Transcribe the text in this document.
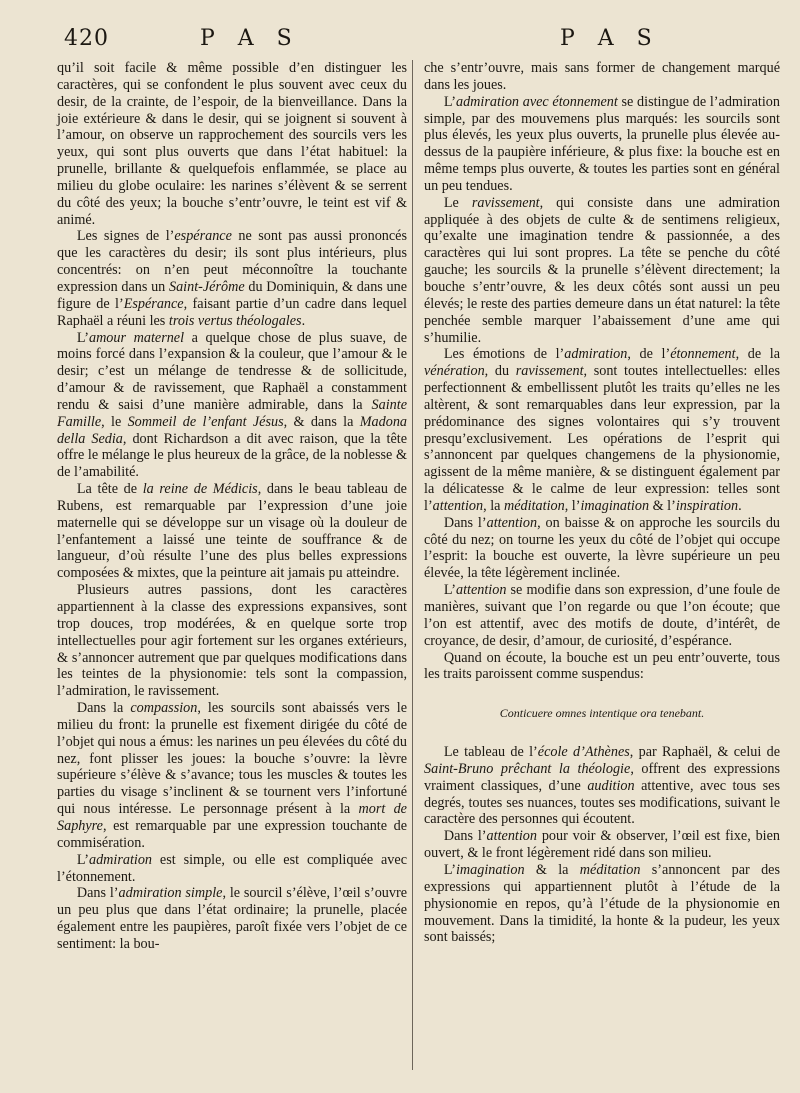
420	P A S	P A S

qu’il soit facile & même possible d’en distinguer les caractères, qui se confondent le plus souvent avec ceux du desir, de la crainte, de l’espoir, de la bienveillance. Dans la joie extérieure & dans le desir, qui se joignent si souvent à l’amour, on observe un rapprochement des sourcils vers les yeux, qui sont plus ouverts que dans l’état habituel: la prunelle, brillante & quelquefois enflammée, se place au milieu du globe oculaire: les narines s’élèvent & se serrent du côté des yeux; la bouche s’entr’ouvre, le teint est vif & animé.

Les signes de l’espérance ne sont pas aussi prononcés que les caractères du desir; ils sont plus intérieurs, plus concentrés: on n’en peut méconnoître la touchante expression dans un Saint-Jérôme du Dominiquin, & dans une figure de l’Espérance, faisant partie d’un cadre dans lequel Raphaël a réuni les trois vertus théologales.

L’amour maternel a quelque chose de plus suave, de moins forcé dans l’expansion & la couleur, que l’amour & le desir; c’est un mélange de tendresse & de sollicitude, d’amour & de ravissement, que Raphaël a constamment rendu & saisi d’une manière admirable, dans la Sainte Famille, le Sommeil de l’enfant Jésus, & dans la Madona della Sedia, dont Richardson a dit avec raison, que la tête offre le mélange le plus heureux de la grâce, de la noblesse & de l’amabilité.

La tête de la reine de Médicis, dans le beau tableau de Rubens, est remarquable par l’expression d’une joie maternelle qui se développe sur un visage où la douleur de l’enfantement a laissé une teinte de souffrance & de langueur, d’où résulte l’une des plus belles expressions composées & mixtes, que la peinture ait jamais pu atteindre.

Plusieurs autres passions, dont les caractères appartiennent à la classe des expressions expansives, sont trop douces, trop modérées, & en quelque sorte trop intellectuelles pour agir fortement sur les organes extérieurs, & s’annoncer autrement que par quelques modifications dans les teintes de la physionomie: tels sont la compassion, l’admiration, le ravissement.

Dans la compassion, les sourcils sont abaissés vers le milieu du front: la prunelle est fixement dirigée du côté de l’objet qui nous a émus: les narines un peu élevées du côté du nez, font plisser les joues: la bouche s’ouvre: la lèvre supérieure s’élève & s’avance; tous les muscles & toutes les parties du visage s’inclinent & se tournent vers l’infortuné qui nous intéresse. Le personnage présent à la mort de Saphyre, est remarquable par une expression touchante de commisération.

L’admiration est simple, ou elle est compliquée avec l’étonnement.

Dans l’admiration simple, le sourcil s’élève, l’œil s’ouvre un peu plus que dans l’état ordinaire; la prunelle, placée également entre les paupières, paroît fixée vers l’objet de ce sentiment: la bou-

che s’entr’ouvre, mais sans former de changement marqué dans les joues.

L’admiration avec étonnement se distingue de l’admiration simple, par des mouvemens plus marqués: les sourcils sont plus élevés, les yeux plus ouverts, la prunelle plus élevée au-dessus de la paupière inférieure, & plus fixe: la bouche est en même temps plus ouverte, & toutes les parties sont en général un peu tendues.

Le ravissement, qui consiste dans une admiration appliquée à des objets de culte & de sentimens religieux, qu’exalte une imagination tendre & passionnée, a des caractères qui lui sont propres. La tête se penche du côté gauche; les sourcils & la prunelle s’élèvent directement; la bouche s’entr’ouvre, & les deux côtés sont aussi un peu élevés; le reste des parties demeure dans un état naturel: la tête penchée semble marquer l’abaissement d’une ame qui s’humilie.

Les émotions de l’admiration, de l’étonnement, de la vénération, du ravissement, sont toutes intellectuelles: elles perfectionnent & embellissent plutôt les traits qu’elles ne les altèrent, & sont remarquables dans leur expression, par la prédominance des signes volontaires qui s’y trouvent presqu’exclusivement. Les opérations de l’esprit qui s’annoncent par quelques changemens de la physionomie, agissent de la même manière, & se distinguent également par la délicatesse & le calme de leur expression: telles sont l’attention, la méditation, l’imagination & l’inspiration.

Dans l’attention, on baisse & on approche les sourcils du côté du nez; on tourne les yeux du côté de l’objet qui occupe l’esprit: la bouche est ouverte, la lèvre supérieure un peu élevée, la tête légèrement inclinée.

L’attention se modifie dans son expression, d’une foule de manières, suivant que l’on regarde ou que l’on écoute; que l’on est attentif, avec des motifs de doute, d’intérêt, de croyance, de desir, d’amour, de curiosité, d’espérance.

Quand on écoute, la bouche est un peu entr’ouverte, tous les traits paroissent comme suspendus:

Conticuere omnes intentique ora tenebant.

Le tableau de l’école d’Athènes, par Raphaël, & celui de Saint-Bruno prêchant la théologie, offrent des expressions vraiment classiques, d’une audition attentive, avec tous ses degrés, toutes ses nuances, toutes ses modifications, suivant le caractère des personnes qui écoutent.

Dans l’attention pour voir & observer, l’œil est fixe, bien ouvert, & le front légèrement ridé dans son milieu.

L’imagination & la méditation s’annoncent par des expressions qui appartiennent plutôt à l’étude de la physionomie en repos, qu’à l’étude de la physionomie en mouvement. Dans la timidité, la honte & la pudeur, les yeux sont baissés;
